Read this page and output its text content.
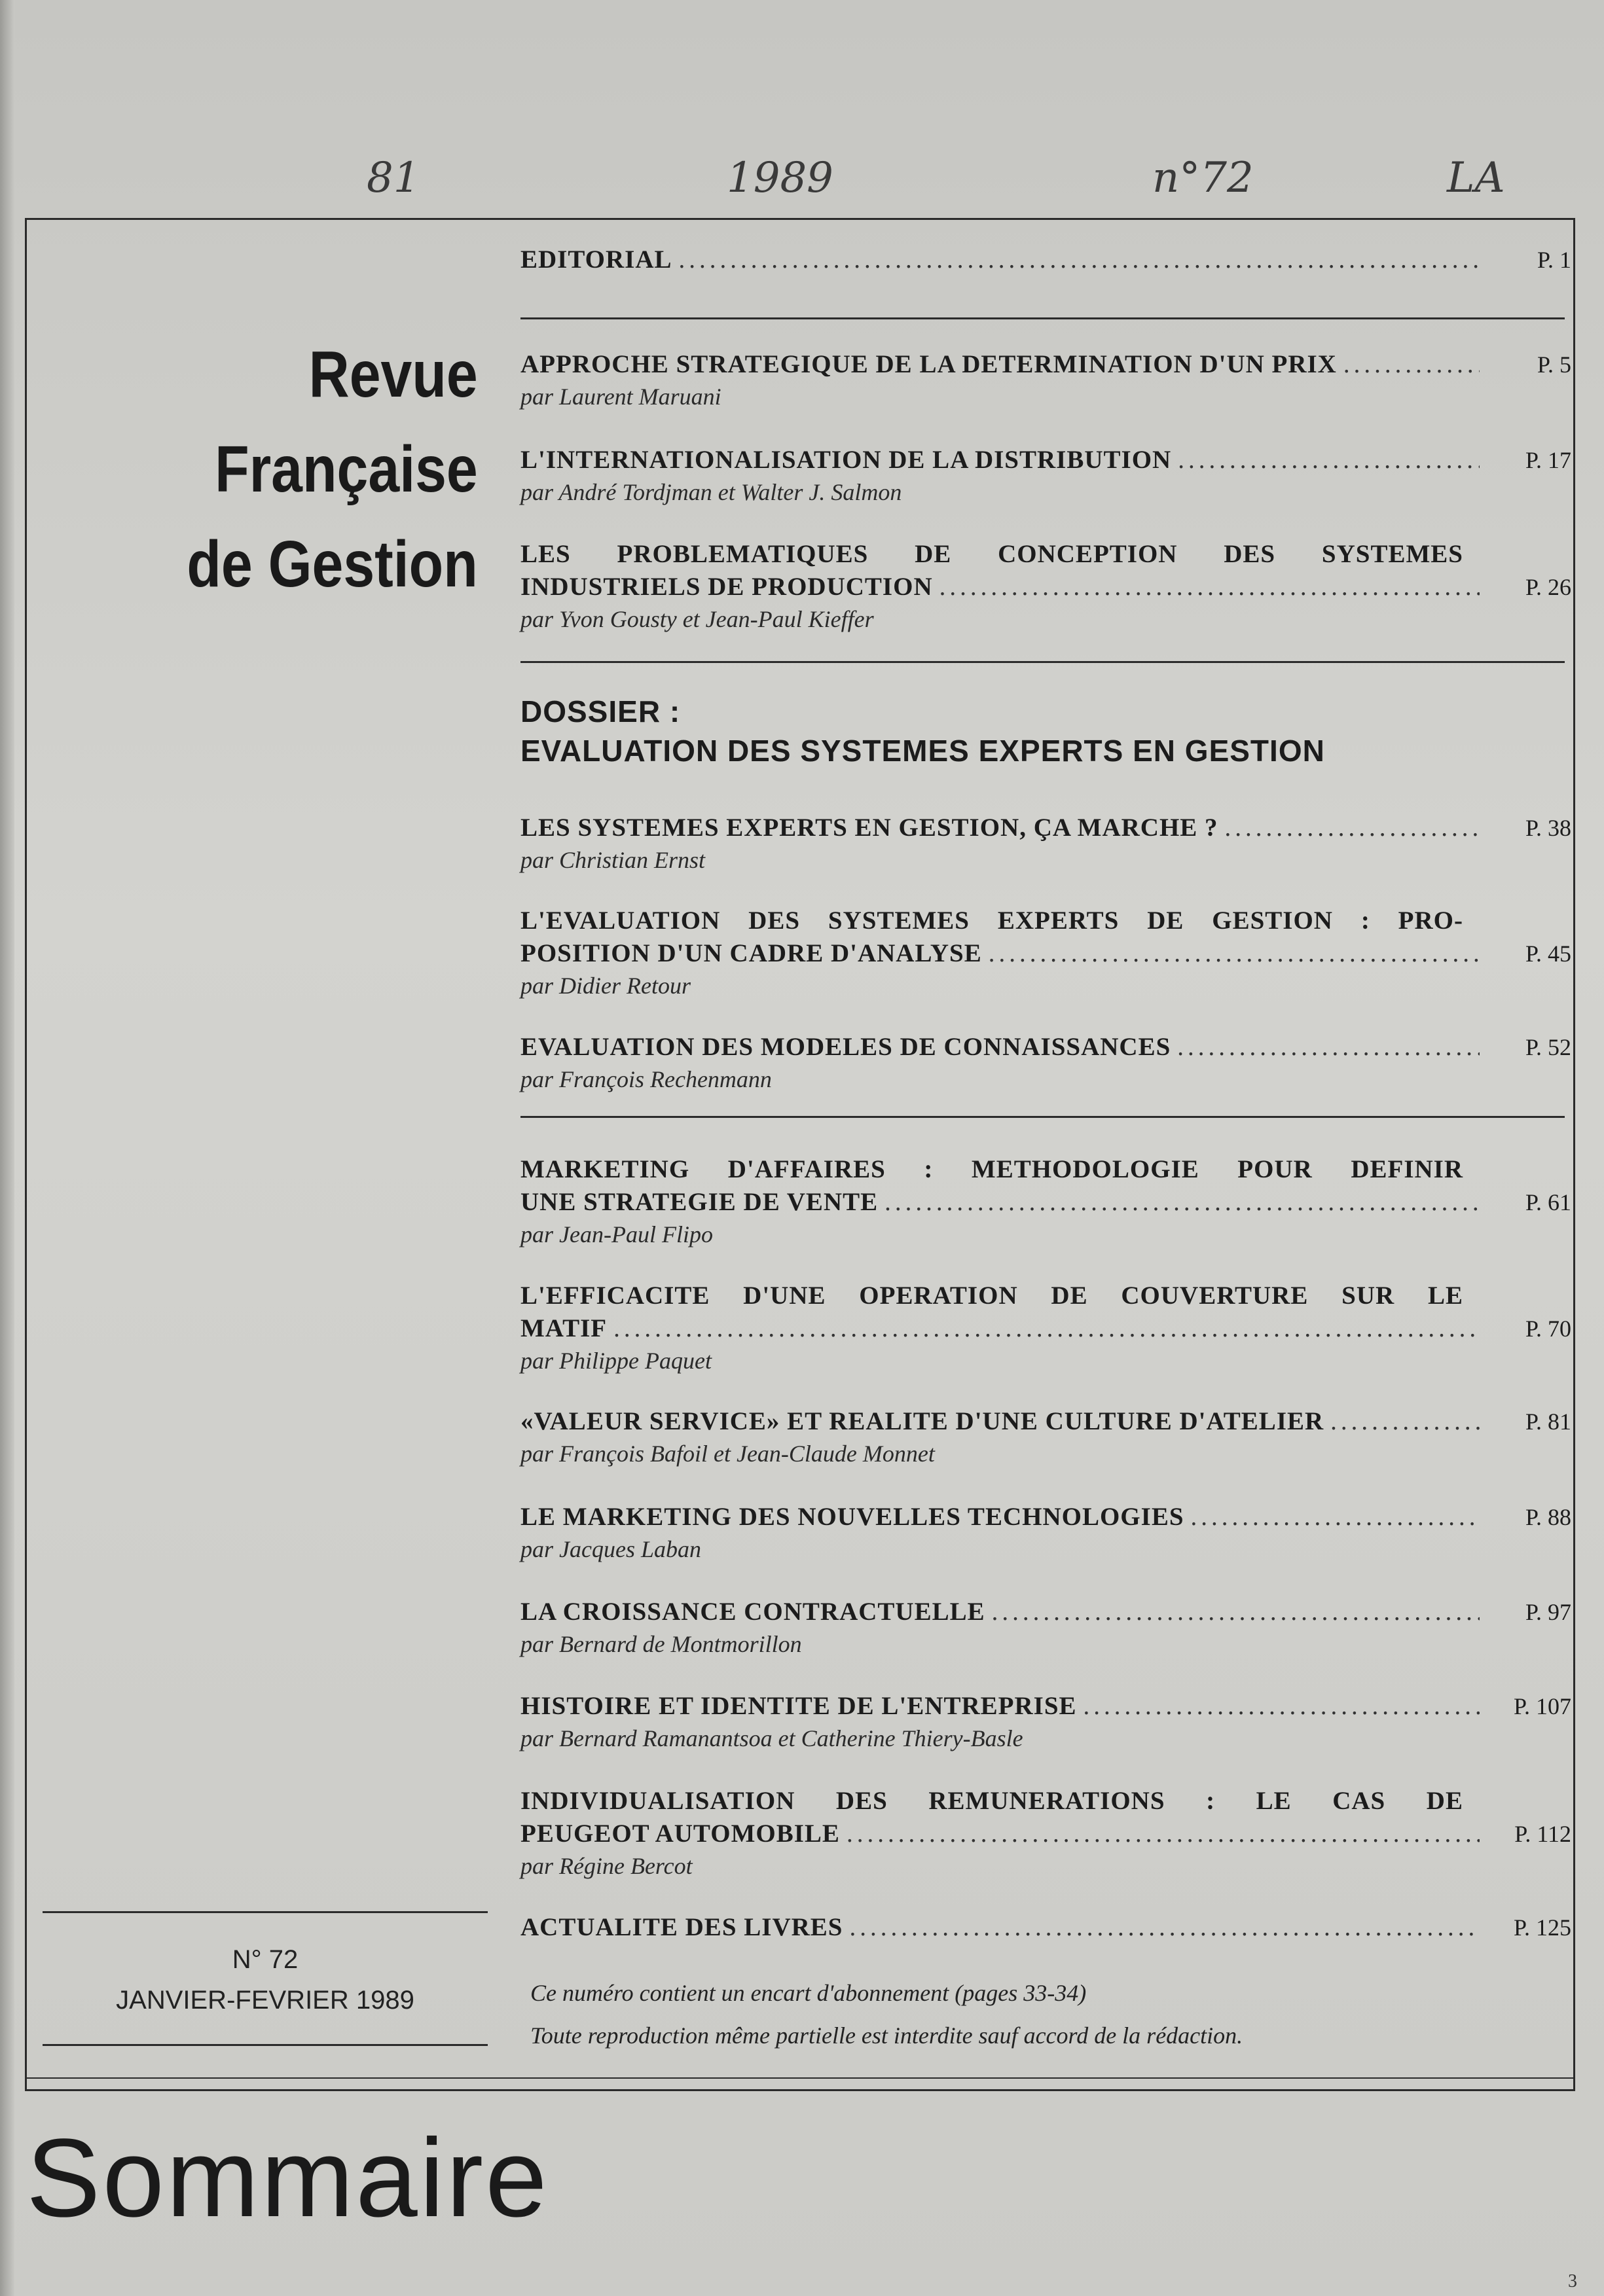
81	1989	n°72	LA
Revue
Française
de Gestion
N° 72
JANVIER-FEVRIER 1989
EDITORIAL .....	P. 1
APPROCHE STRATEGIQUE DE LA DETERMINATION D'UN PRIX .....	P. 5
par Laurent Maruani
L'INTERNATIONALISATION DE LA DISTRIBUTION .....	P. 17
par André Tordjman et Walter J. Salmon
LES PROBLEMATIQUES DE CONCEPTION DES SYSTEMES
INDUSTRIELS DE PRODUCTION .....	P. 26
par Yvon Gousty et Jean-Paul Kieffer
DOSSIER :
EVALUATION DES SYSTEMES EXPERTS EN GESTION
LES SYSTEMES EXPERTS EN GESTION, ÇA MARCHE ? .....	P. 38
par Christian Ernst
L'EVALUATION DES SYSTEMES EXPERTS DE GESTION : PRO-
POSITION D'UN CADRE D'ANALYSE .....	P. 45
par Didier Retour
EVALUATION DES MODELES DE CONNAISSANCES .....	P. 52
par François Rechenmann
MARKETING D'AFFAIRES : METHODOLOGIE POUR DEFINIR
UNE STRATEGIE DE VENTE .....	P. 61
par Jean-Paul Flipo
L'EFFICACITE D'UNE OPERATION DE COUVERTURE SUR LE
MATIF .....	P. 70
par Philippe Paquet
«VALEUR SERVICE» ET REALITE D'UNE CULTURE D'ATELIER .....	P. 81
par François Bafoil et Jean-Claude Monnet
LE MARKETING DES NOUVELLES TECHNOLOGIES .....	P. 88
par Jacques Laban
LA CROISSANCE CONTRACTUELLE .....	P. 97
par Bernard de Montmorillon
HISTOIRE ET IDENTITE DE L'ENTREPRISE .....	P. 107
par Bernard Ramanantsoa et Catherine Thiery-Basle
INDIVIDUALISATION DES REMUNERATIONS : LE CAS DE
PEUGEOT AUTOMOBILE .....	P. 112
par Régine Bercot
ACTUALITE DES LIVRES .....	P. 125
Ce numéro contient un encart d'abonnement (pages 33-34)
Toute reproduction même partielle est interdite sauf accord de la rédaction.
Sommaire
3
